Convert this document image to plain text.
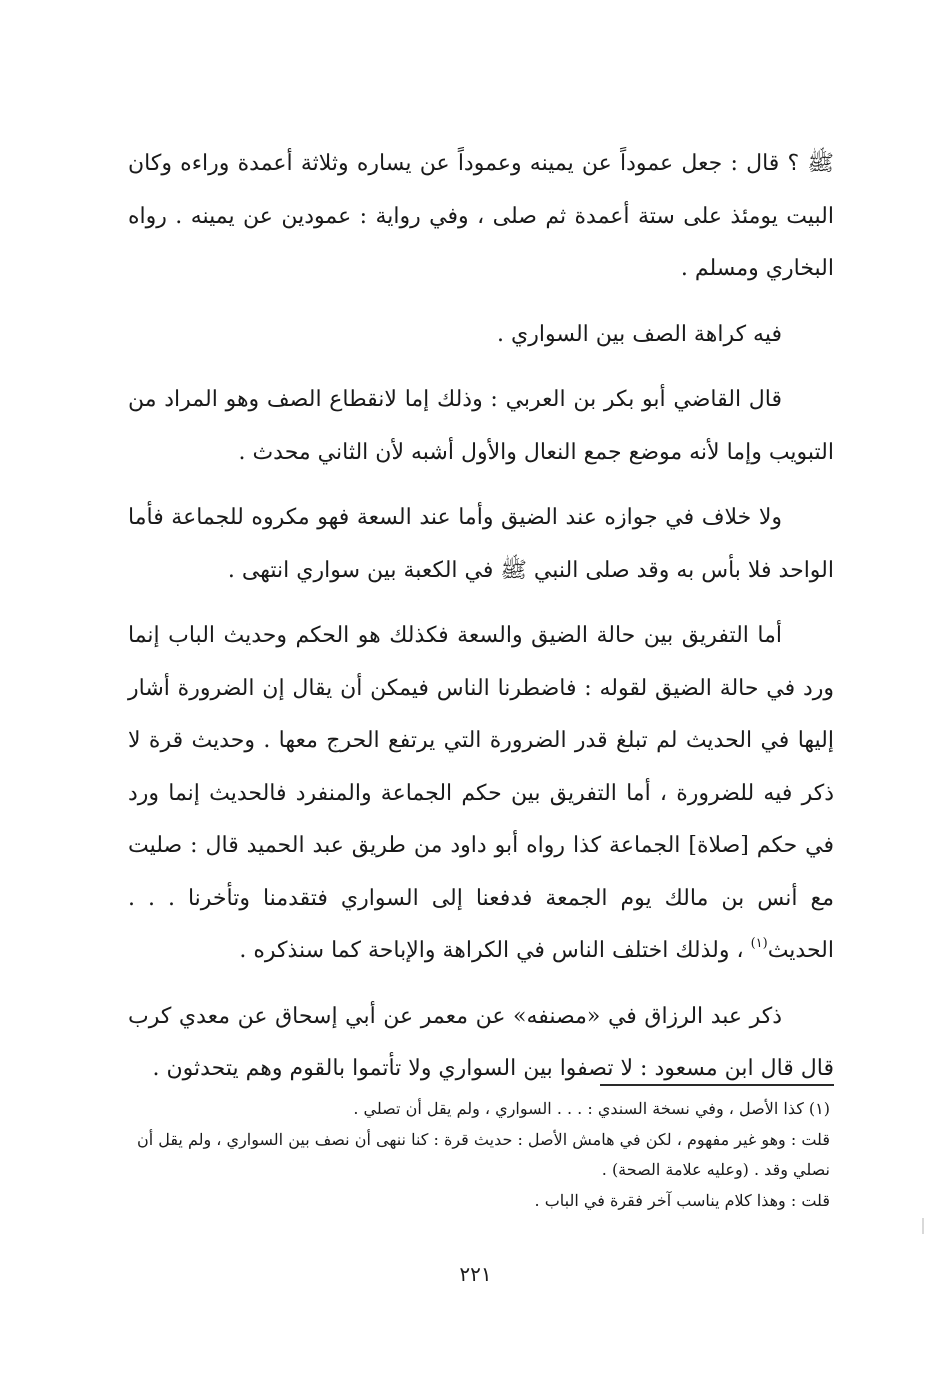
ﷺ ؟ قال : جعل عموداً عن يمينه وعموداً عن يساره وثلاثة أعمدة وراءه وكان البيت يومئذ على ستة أعمدة ثم صلى ، وفي رواية : عمودين عن يمينه . رواه البخاري ومسلم .

فيه كراهة الصف بين السواري .

قال القاضي أبو بكر بن العربي : وذلك إما لانقطاع الصف وهو المراد من التبويب وإما لأنه موضع جمع النعال والأول أشبه لأن الثاني محدث .

ولا خلاف في جوازه عند الضيق وأما عند السعة فهو مكروه للجماعة فأما الواحد فلا بأس به وقد صلى النبي ﷺ في الكعبة بين سواري انتهى .

أما التفريق بين حالة الضيق والسعة فكذلك هو الحكم وحديث الباب إنما ورد في حالة الضيق لقوله : فاضطرنا الناس فيمكن أن يقال إن الضرورة أشار إليها في الحديث لم تبلغ قدر الضرورة التي يرتفع الحرج معها . وحديث قرة لا ذكر فيه للضرورة ، أما التفريق بين حكم الجماعة والمنفرد فالحديث إنما ورد في حكم [صلاة] الجماعة كذا رواه أبو داود من طريق عبد الحميد قال : صليت مع أنس بن مالك يوم الجمعة فدفعنا إلى السواري فتقدمنا وتأخرنا . . . الحديث$^{(١)}$ ، ولذلك اختلف الناس في الكراهة والإباحة كما سنذكره .

ذكر عبد الرزاق في «مصنفه» عن معمر عن أبي إسحاق عن معدي كرب قال قال ابن مسعود : لا تصفوا بين السواري ولا تأتموا بالقوم وهم يتحدثون .

(١) كذا الأصل ، وفي نسخة السندي : . . . السواري ، ولم يقل أن تصلي .

قلت : وهو غير مفهوم ، لكن في هامش الأصل : حديث قرة : كنا ننهى أن نصف بين السواري ، ولم يقل أن نصلي وقد . (وعليه علامة الصحة) .

قلت : وهذا كلام يناسب آخر فقرة في الباب .

٢٢١
